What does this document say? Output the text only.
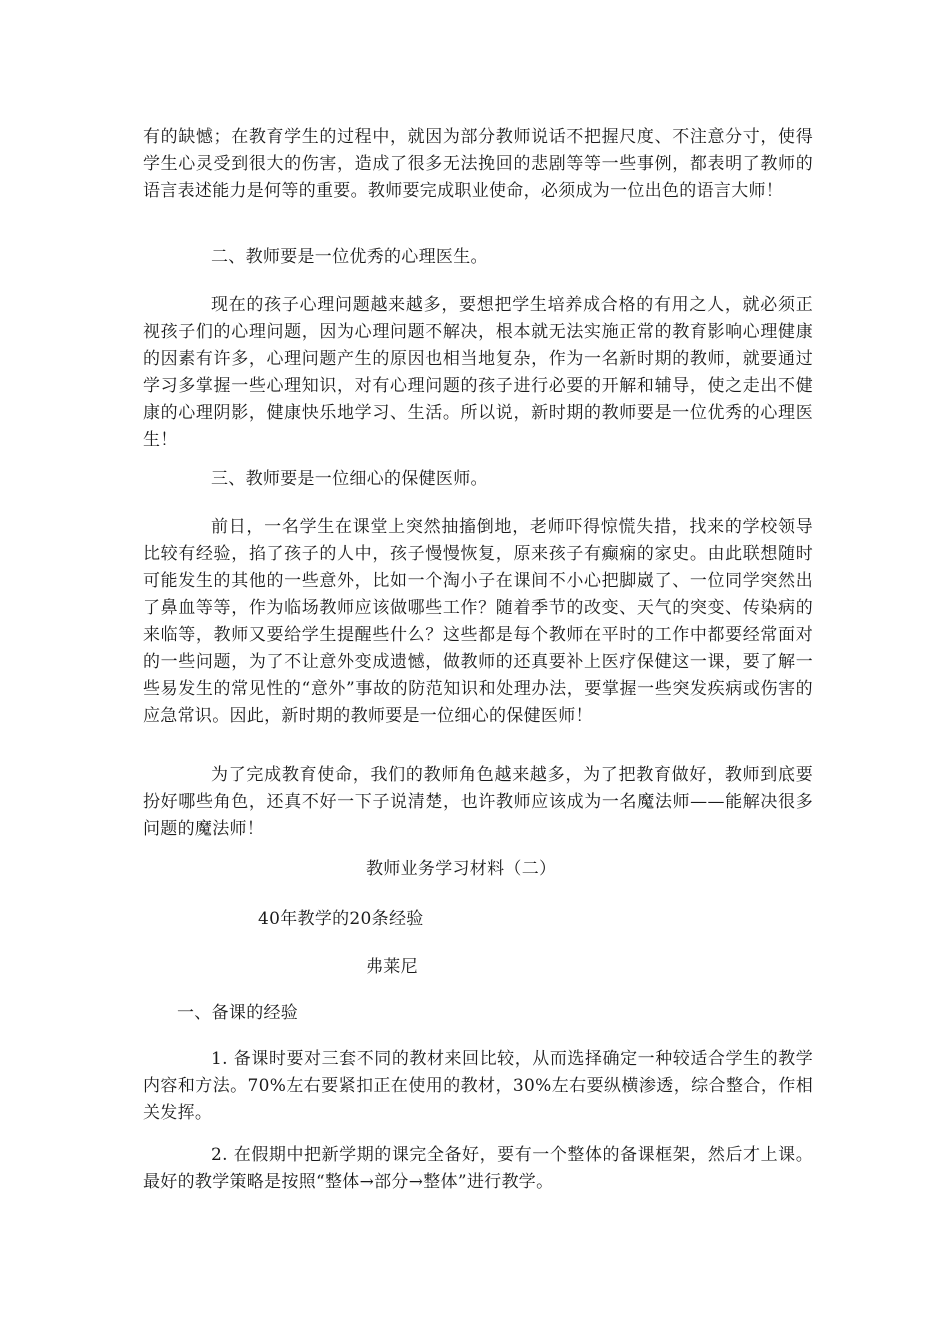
有的缺憾；在教育学生的过程中，就因为部分教师说话不把握尺度、不注意分寸，使得学生心灵受到很大的伤害，造成了很多无法挽回的悲剧等等一些事例，都表明了教师的语言表述能力是何等的重要。教师要完成职业使命，必须成为一位出色的语言大师！

二、教师要是一位优秀的心理医生。

现在的孩子心理问题越来越多，要想把学生培养成合格的有用之人，就必须正视孩子们的心理问题，因为心理问题不解决，根本就无法实施正常的教育影响心理健康的因素有许多，心理问题产生的原因也相当地复杂，作为一名新时期的教师，就要通过学习多掌握一些心理知识，对有心理问题的孩子进行必要的开解和辅导，使之走出不健康的心理阴影，健康快乐地学习、生活。所以说，新时期的教师要是一位优秀的心理医生！

三、教师要是一位细心的保健医师。

前日，一名学生在课堂上突然抽搐倒地，老师吓得惊慌失措，找来的学校领导比较有经验，掐了孩子的人中，孩子慢慢恢复，原来孩子有癫痫的家史。由此联想随时可能发生的其他的一些意外，比如一个淘小子在课间不小心把脚崴了、一位同学突然出了鼻血等等，作为临场教师应该做哪些工作？随着季节的改变、天气的突变、传染病的来临等，教师又要给学生提醒些什么？这些都是每个教师在平时的工作中都要经常面对的一些问题，为了不让意外变成遗憾，做教师的还真要补上医疗保健这一课，要了解一些易发生的常见性的“意外”事故的防范知识和处理办法，要掌握一些突发疾病或伤害的应急常识。因此，新时期的教师要是一位细心的保健医师！

为了完成教育使命，我们的教师角色越来越多，为了把教育做好，教师到底要扮好哪些角色，还真不好一下子说清楚，也许教师应该成为一名魔法师——能解决很多问题的魔法师！

教师业务学习材料（二）

40年教学的20条经验

弗莱尼

一、备课的经验

1. 备课时要对三套不同的教材来回比较，从而选择确定一种较适合学生的教学内容和方法。70%左右要紧扣正在使用的教材，30%左右要纵横渗透，综合整合，作相关发挥。

2. 在假期中把新学期的课完全备好，要有一个整体的备课框架，然后才上课。最好的教学策略是按照“整体→部分→整体”进行教学。
